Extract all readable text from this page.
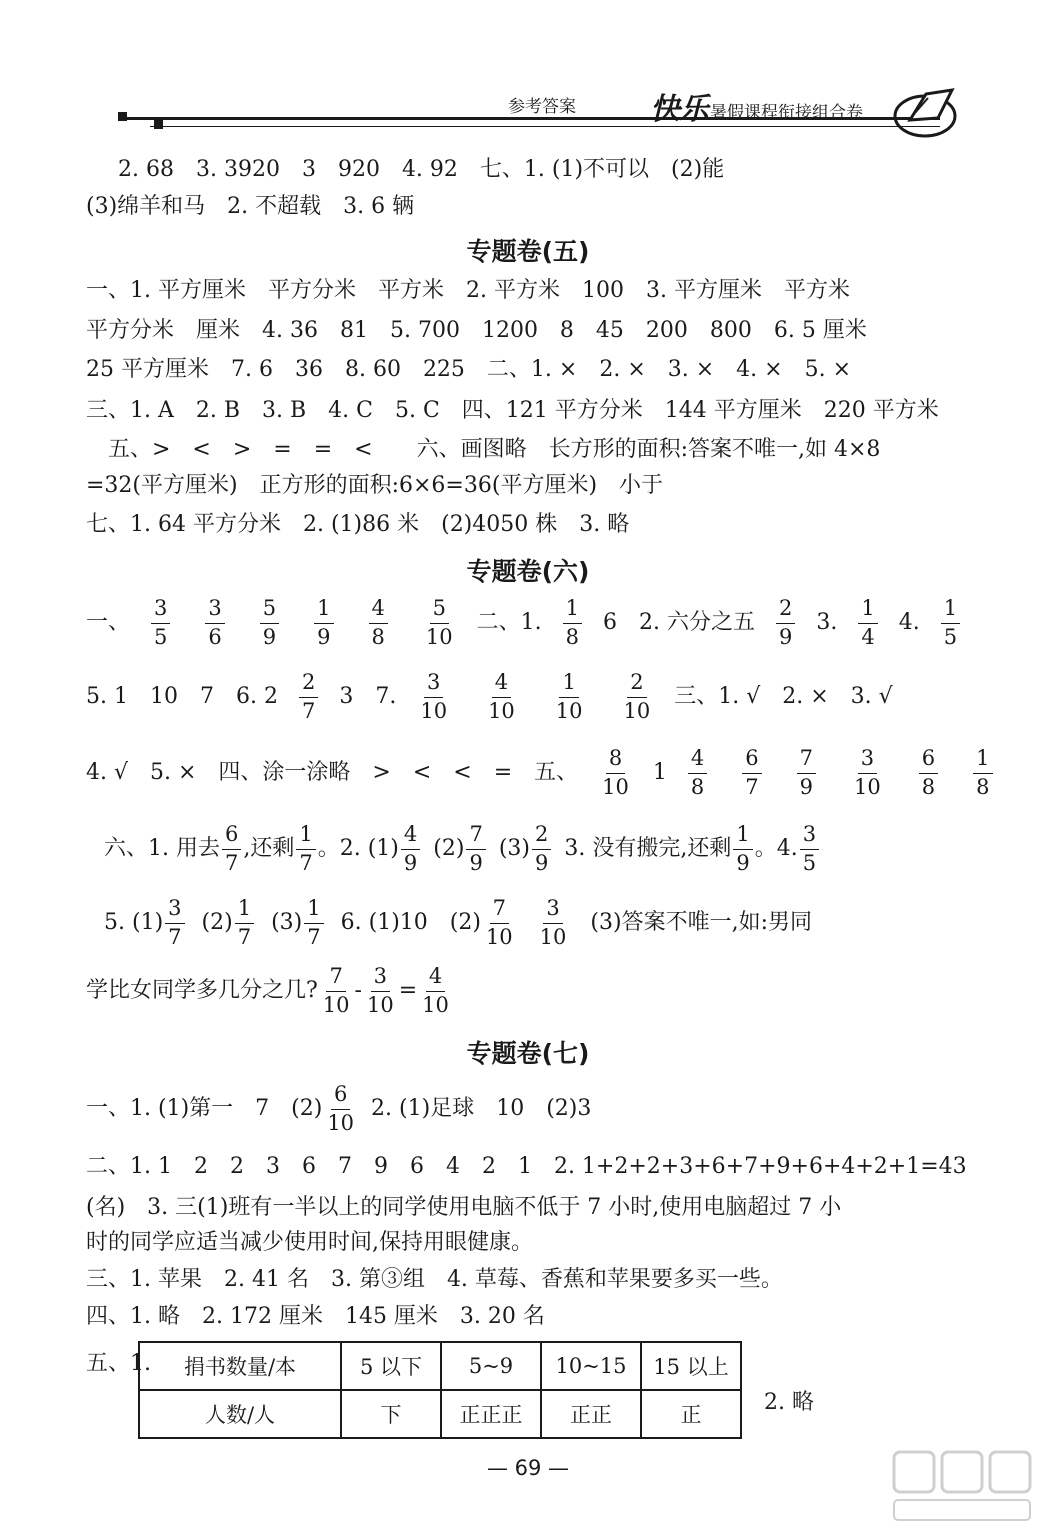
参考答案 快乐 暑假课程衔接组合卷
2. 68　3. 3920　3　920　4. 92　七、1. (1)不可以　(2)能
(3)绵羊和马　2. 不超载　3. 6 辆
专题卷(五)
一、1. 平方厘米　平方分米　平方米　2. 平方米　100　3. 平方厘米　平方米
平方分米　厘米　4. 36　81　5. 700　1200　8　45　200　800　6. 5 厘米
25 平方厘米　7. 6　36　8. 60　225　二、1. ×　2. ×　3. ×　4. ×　5. ×
三、1. A　2. B　3. B　4. C　5. C　四、121 平方分米　144 平方厘米　220 平方米
　五、>　<　>　=　=　<　　六、画图略　长方形的面积:答案不唯一,如 4×8
=32(平方厘米)　正方形的面积:6×6=36(平方厘米)　小于
七、1. 64 平方分米　2. (1)86 米　(2)4050 株　3. 略
专题卷(六)
一、 $\frac{3}{5}$
$\frac{3}{6}$
$\frac{5}{9}$
$\frac{1}{9}$
$\frac{4}{8}$
$\frac{5}{10}$ 二、1. $\frac{1}{8} 6$　2. 六分之五 $\frac{2}{9} 3$. $\frac{1}{4} 4$. $\frac{1}{5}$
5. 1　10　7　6. $2 \frac{2}{7} 3$　7. $\frac{3}{10}$
$\frac{4}{10}$
$\frac{1}{10}$
$\frac{2}{10}$ 三、1. √　2. ×　3. √
4. √　5. ×　四、涂一涂略　>　<　<　=　五、 $\frac{8}{10} 1 \frac{4}{8}$
$\frac{6}{7}$
$\frac{7}{9}$
$\frac{3}{10}$
$\frac{6}{8}$
$\frac{1}{8}$
六、1. 用去 $\frac{6}{7}$ ,还剩 $\frac{1}{7}$ 。2. $(1) \frac{4}{9} (2) \frac{7}{9} (3) \frac{2}{9} 3$. 没有搬完,还剩 $\frac{1}{9}$ 。4. $\frac{3}{5}$
5. $(1) \frac{3}{7} (2) \frac{1}{7} (3) \frac{1}{7} 6$. (1)10　$(2) \frac{7}{10}$
$\frac{3}{10} (3)$答案不唯一,如:男同
学比女同学多几分之几? $\frac{7}{10} - \frac{3}{10} = \frac{4}{10}$
专题卷(七)
一、1. (1)第一　7　$(2) \frac{6}{10} 2$. (1)足球　10　(2)3
二、1. 1　2　2　3　6　7　9　6　4　2　1　2. 1+2+2+3+6+7+9+6+4+2+1=43
(名)　3. 三(1)班有一半以上的同学使用电脑不低于 7 小时,使用电脑超过 7 小
时的同学应适当减少使用时间,保持用眼健康。
三、1. 苹果　2. 41 名　3. 第③组　4. 草莓、香蕉和苹果要多买一些。
四、1. 略　2. 172 厘米　145 厘米　3. 20 名
五、1. 捐书数量/本	5 以下	5~9	10~15	15 以上
人数/人	下	正正正	正正	正	2. 略
— 69 —
